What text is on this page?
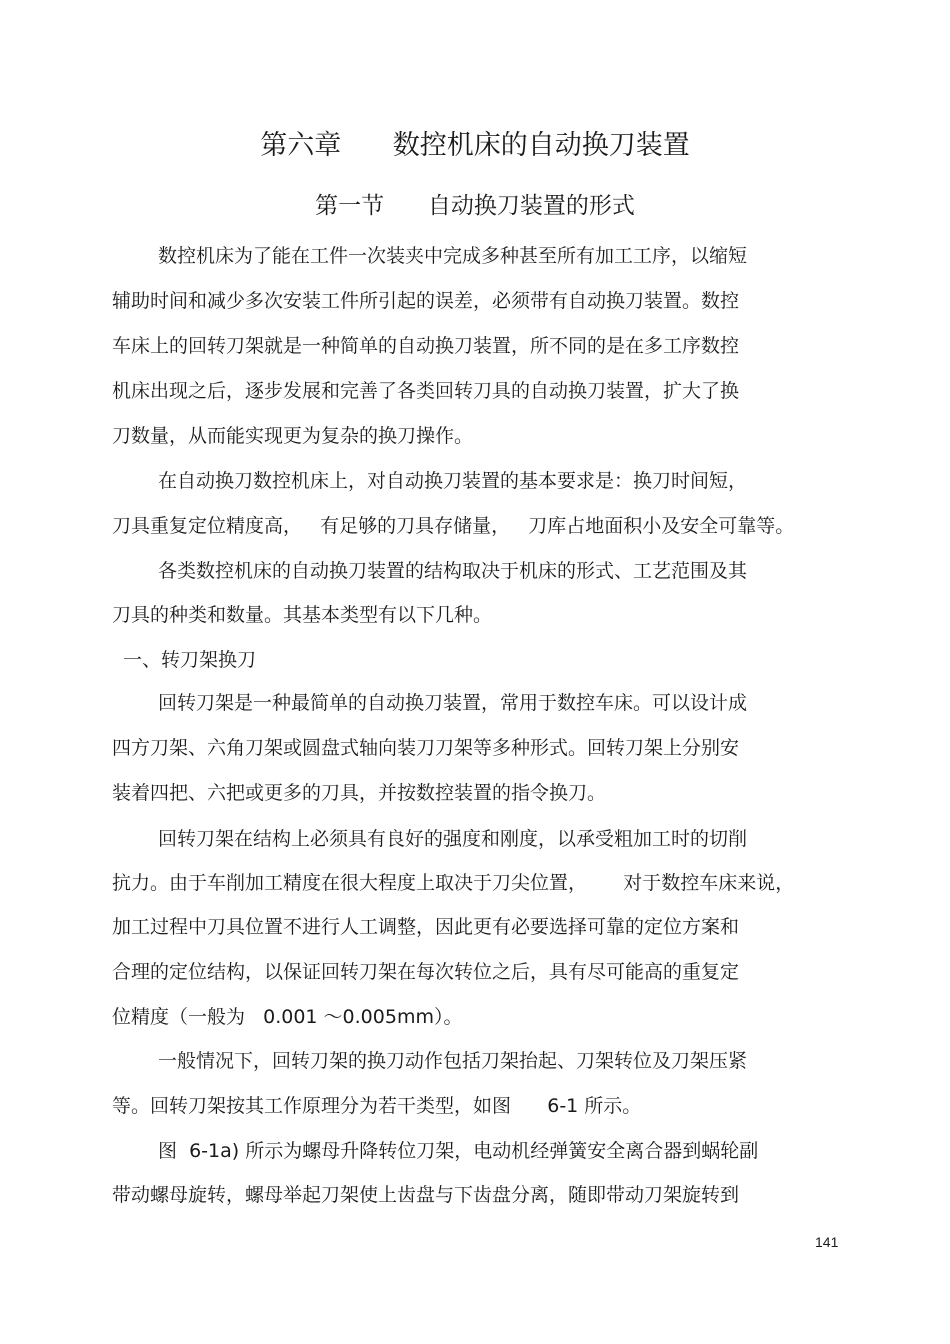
第六章      数控机床的自动换刀装置
第一节      自动换刀装置的形式

数控机床为了能在工件一次装夹中完成多种甚至所有加工工序，以缩短

辅助时间和减少多次安装工件所引起的误差，必须带有自动换刀装置。数控

车床上的回转刀架就是一种简单的自动换刀装置，所不同的是在多工序数控

机床出现之后，逐步发展和完善了各类回转刀具的自动换刀装置，扩大了换

刀数量，从而能实现更为复杂的换刀操作。

在自动换刀数控机床上，对自动换刀装置的基本要求是：换刀时间短，

刀具重复定位精度高，   有足够的刀具存储量，   刀库占地面积小及安全可靠等。

各类数控机床的自动换刀装置的结构取决于机床的形式、工艺范围及其

刀具的种类和数量。其基本类型有以下几种。

一、转刀架换刀

回转刀架是一种最简单的自动换刀装置，常用于数控车床。可以设计成

四方刀架、六角刀架或圆盘式轴向装刀刀架等多种形式。回转刀架上分别安

装着四把、六把或更多的刀具，并按数控装置的指令换刀。

回转刀架在结构上必须具有良好的强度和刚度，以承受粗加工时的切削

抗力。由于车削加工精度在很大程度上取决于刀尖位置，      对于数控车床来说，

加工过程中刀具位置不进行人工调整，因此更有必要选择可靠的定位方案和

合理的定位结构，以保证回转刀架在每次转位之后，具有尽可能高的重复定

位精度（一般为   0.001 ～0.005mm）。

一般情况下，回转刀架的换刀动作包括刀架抬起、刀架转位及刀架压紧

等。回转刀架按其工作原理分为若干类型，如图      6-1 所示。

图  6-1a) 所示为螺母升降转位刀架，电动机经弹簧安全离合器到蜗轮副

带动螺母旋转，螺母举起刀架使上齿盘与下齿盘分离，随即带动刀架旋转到

141
